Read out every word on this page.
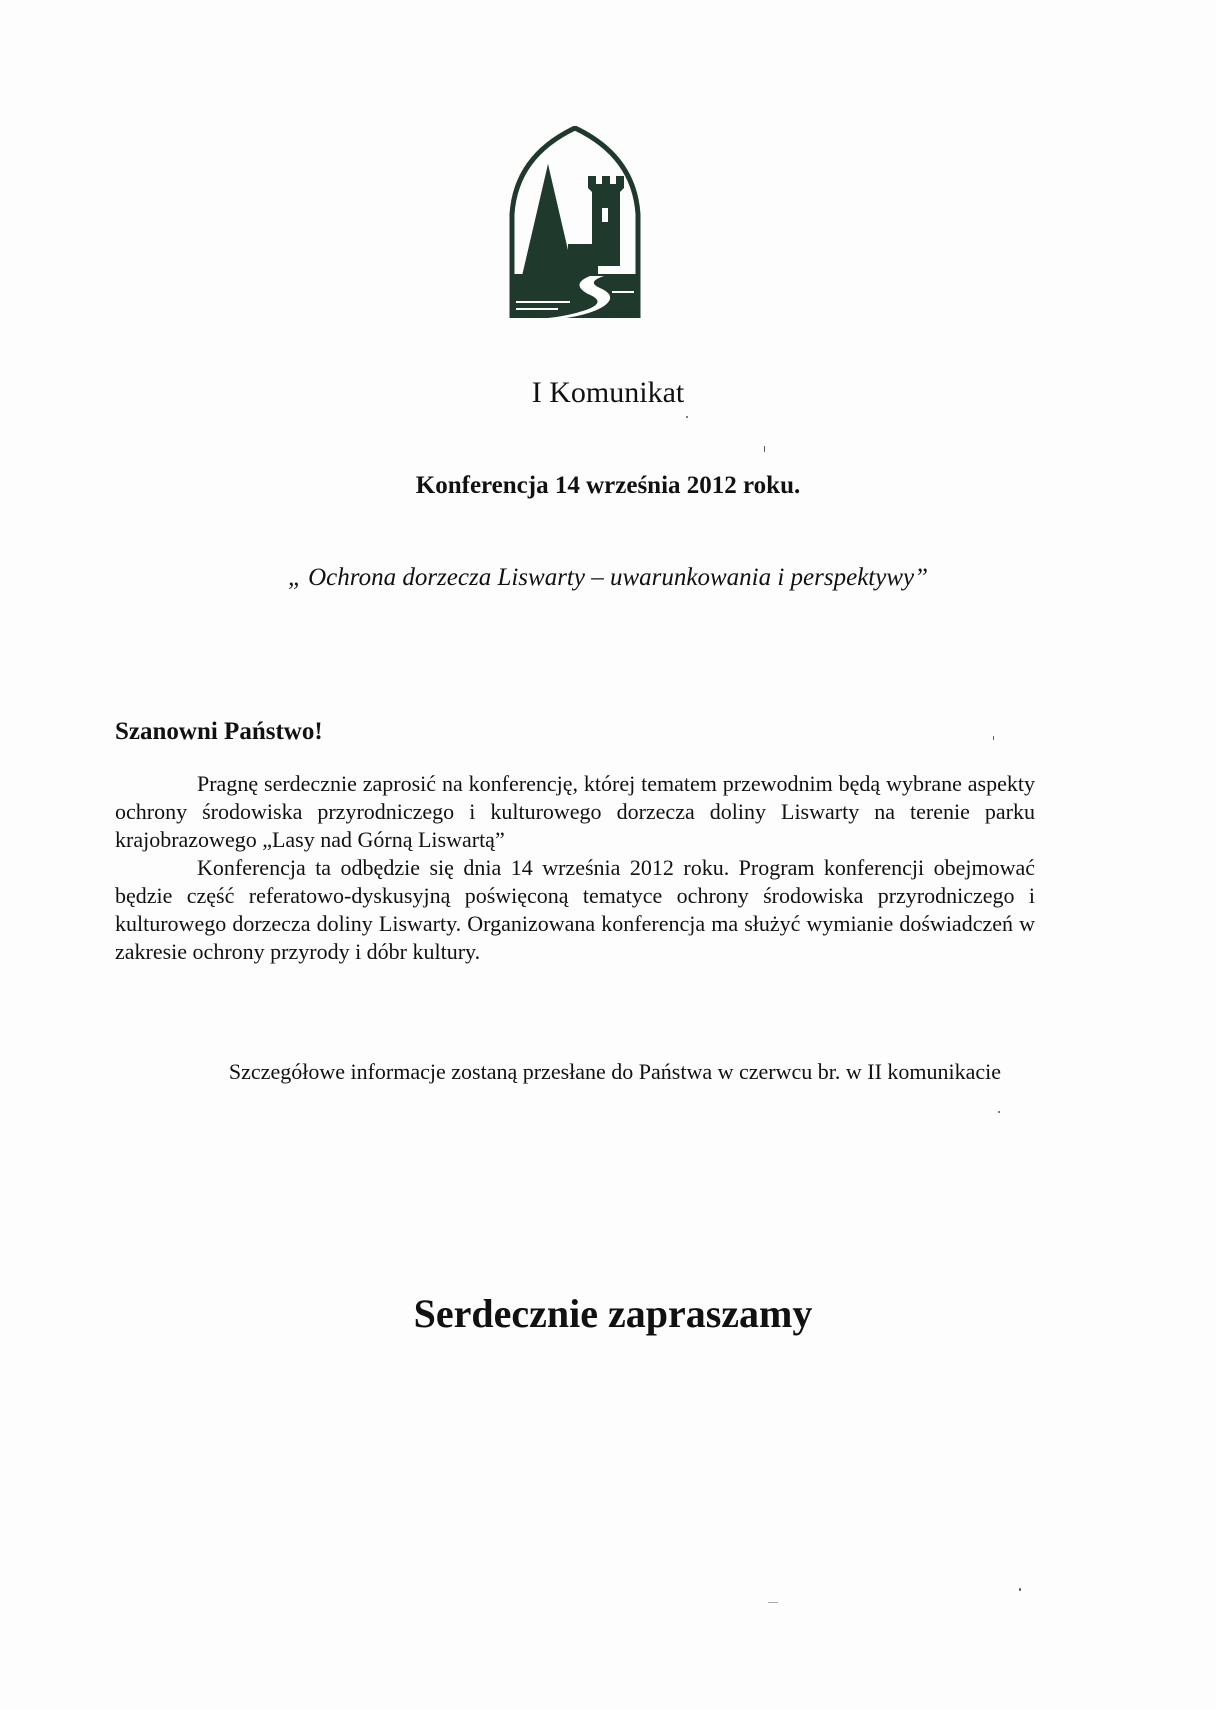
I Komunikat
Konferencja 14 września 2012 roku.
„ Ochrona dorzecza Liswarty – uwarunkowania i perspektywy”
Szanowni Państwo!

Pragnę serdecznie zaprosić na konferencję, której tematem przewodnim będą wybrane aspekty ochrony środowiska przyrodniczego i kulturowego dorzecza doliny Liswarty na terenie parku krajobrazowego „Lasy nad Górną Liswartą”

Konferencja ta odbędzie się dnia 14 września 2012 roku. Program konferencji obejmować będzie część referatowo-dyskusyjną poświęconą tematyce ochrony środowiska przyrodniczego i kulturowego dorzecza doliny Liswarty. Organizowana konferencja ma służyć wymianie doświadczeń w zakresie ochrony przyrody i dóbr kultury.

Szczegółowe informacje zostaną przesłane do Państwa w czerwcu br. w II komunikacie
Serdecznie zapraszamy
